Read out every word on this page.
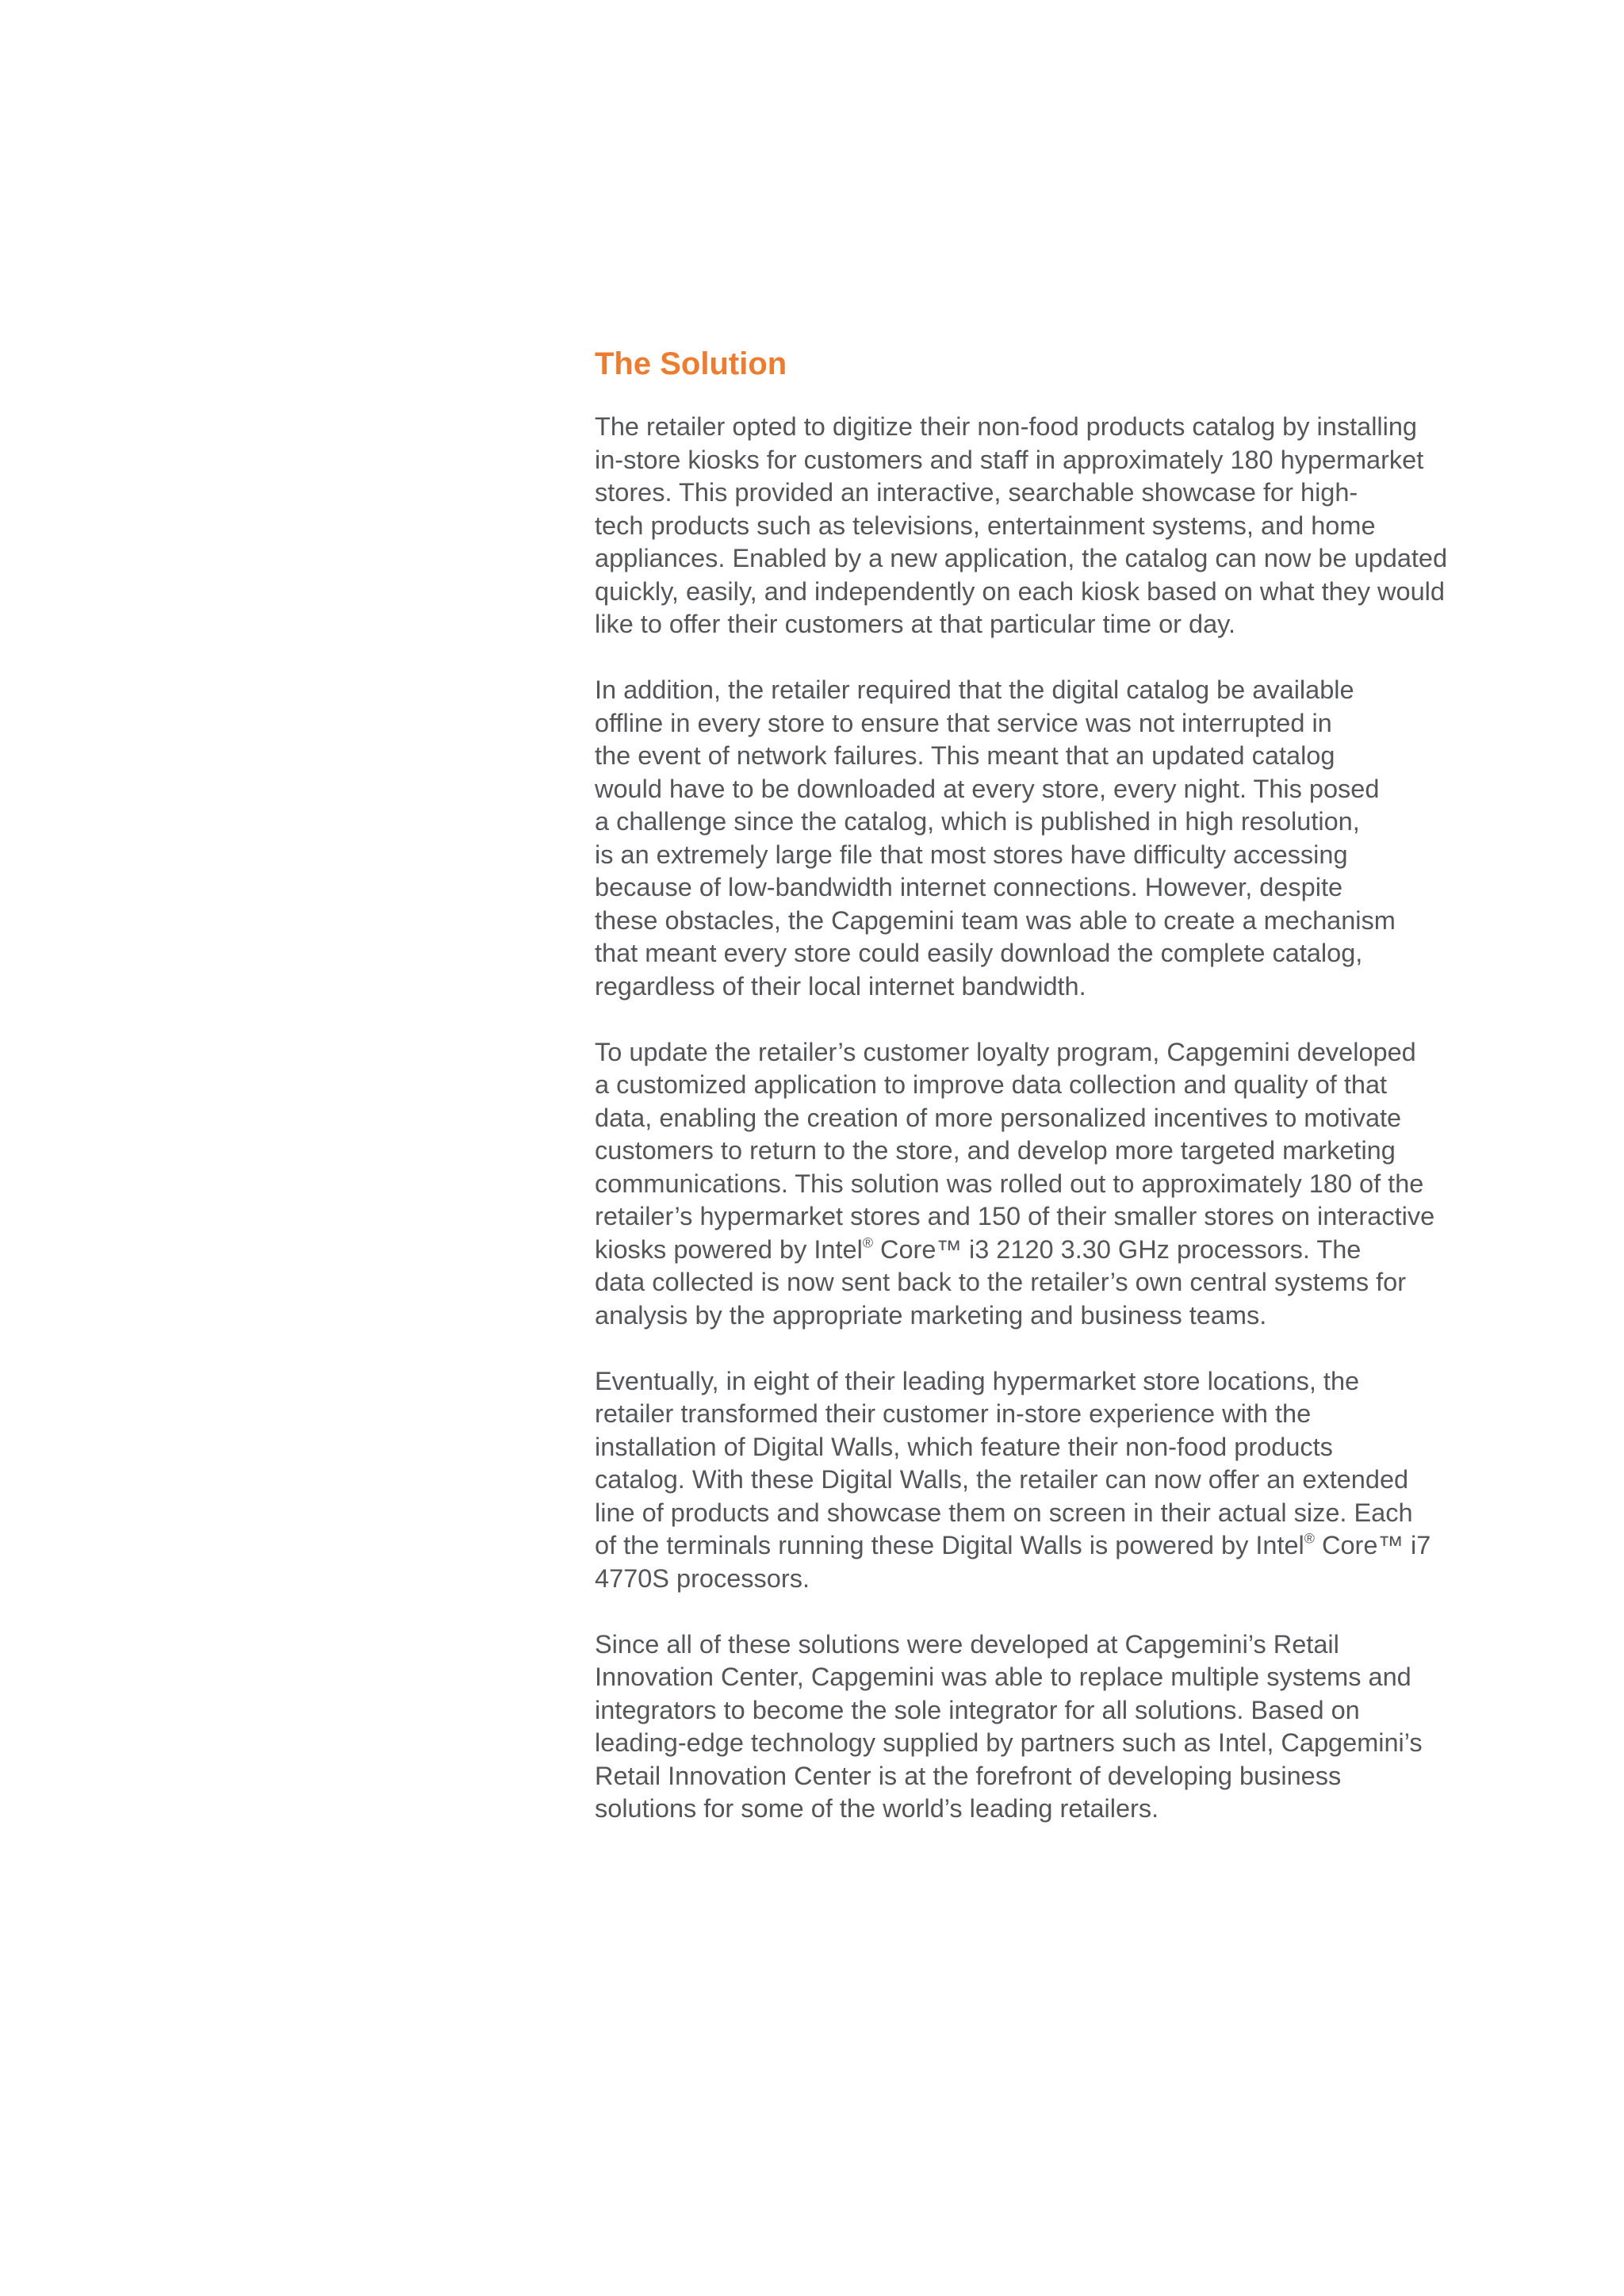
The Solution

The retailer opted to digitize their non-food products catalog by installing
in-store kiosks for customers and staff in approximately 180 hypermarket
stores. This provided an interactive, searchable showcase for high-
tech products such as televisions, entertainment systems, and home
appliances. Enabled by a new application, the catalog can now be updated
quickly, easily, and independently on each kiosk based on what they would
like to offer their customers at that particular time or day.

In addition, the retailer required that the digital catalog be available
offline in every store to ensure that service was not interrupted in
the event of network failures. This meant that an updated catalog
would have to be downloaded at every store, every night. This posed
a challenge since the catalog, which is published in high resolution,
is an extremely large file that most stores have difficulty accessing
because of low-bandwidth internet connections. However, despite
these obstacles, the Capgemini team was able to create a mechanism
that meant every store could easily download the complete catalog,
regardless of their local internet bandwidth.

To update the retailer’s customer loyalty program, Capgemini developed
a customized application to improve data collection and quality of that
data, enabling the creation of more personalized incentives to motivate
customers to return to the store, and develop more targeted marketing
communications. This solution was rolled out to approximately 180 of the
retailer’s hypermarket stores and 150 of their smaller stores on interactive
kiosks powered by Intel® Core™ i3 2120 3.30 GHz processors. The
data collected is now sent back to the retailer’s own central systems for
analysis by the appropriate marketing and business teams.

Eventually, in eight of their leading hypermarket store locations, the
retailer transformed their customer in-store experience with the
installation of Digital Walls, which feature their non-food products
catalog. With these Digital Walls, the retailer can now offer an extended
line of products and showcase them on screen in their actual size. Each
of the terminals running these Digital Walls is powered by Intel® Core™ i7
4770S processors.

Since all of these solutions were developed at Capgemini’s Retail
Innovation Center, Capgemini was able to replace multiple systems and
integrators to become the sole integrator for all solutions. Based on
leading-edge technology supplied by partners such as Intel, Capgemini’s
Retail Innovation Center is at the forefront of developing business
solutions for some of the world’s leading retailers.
